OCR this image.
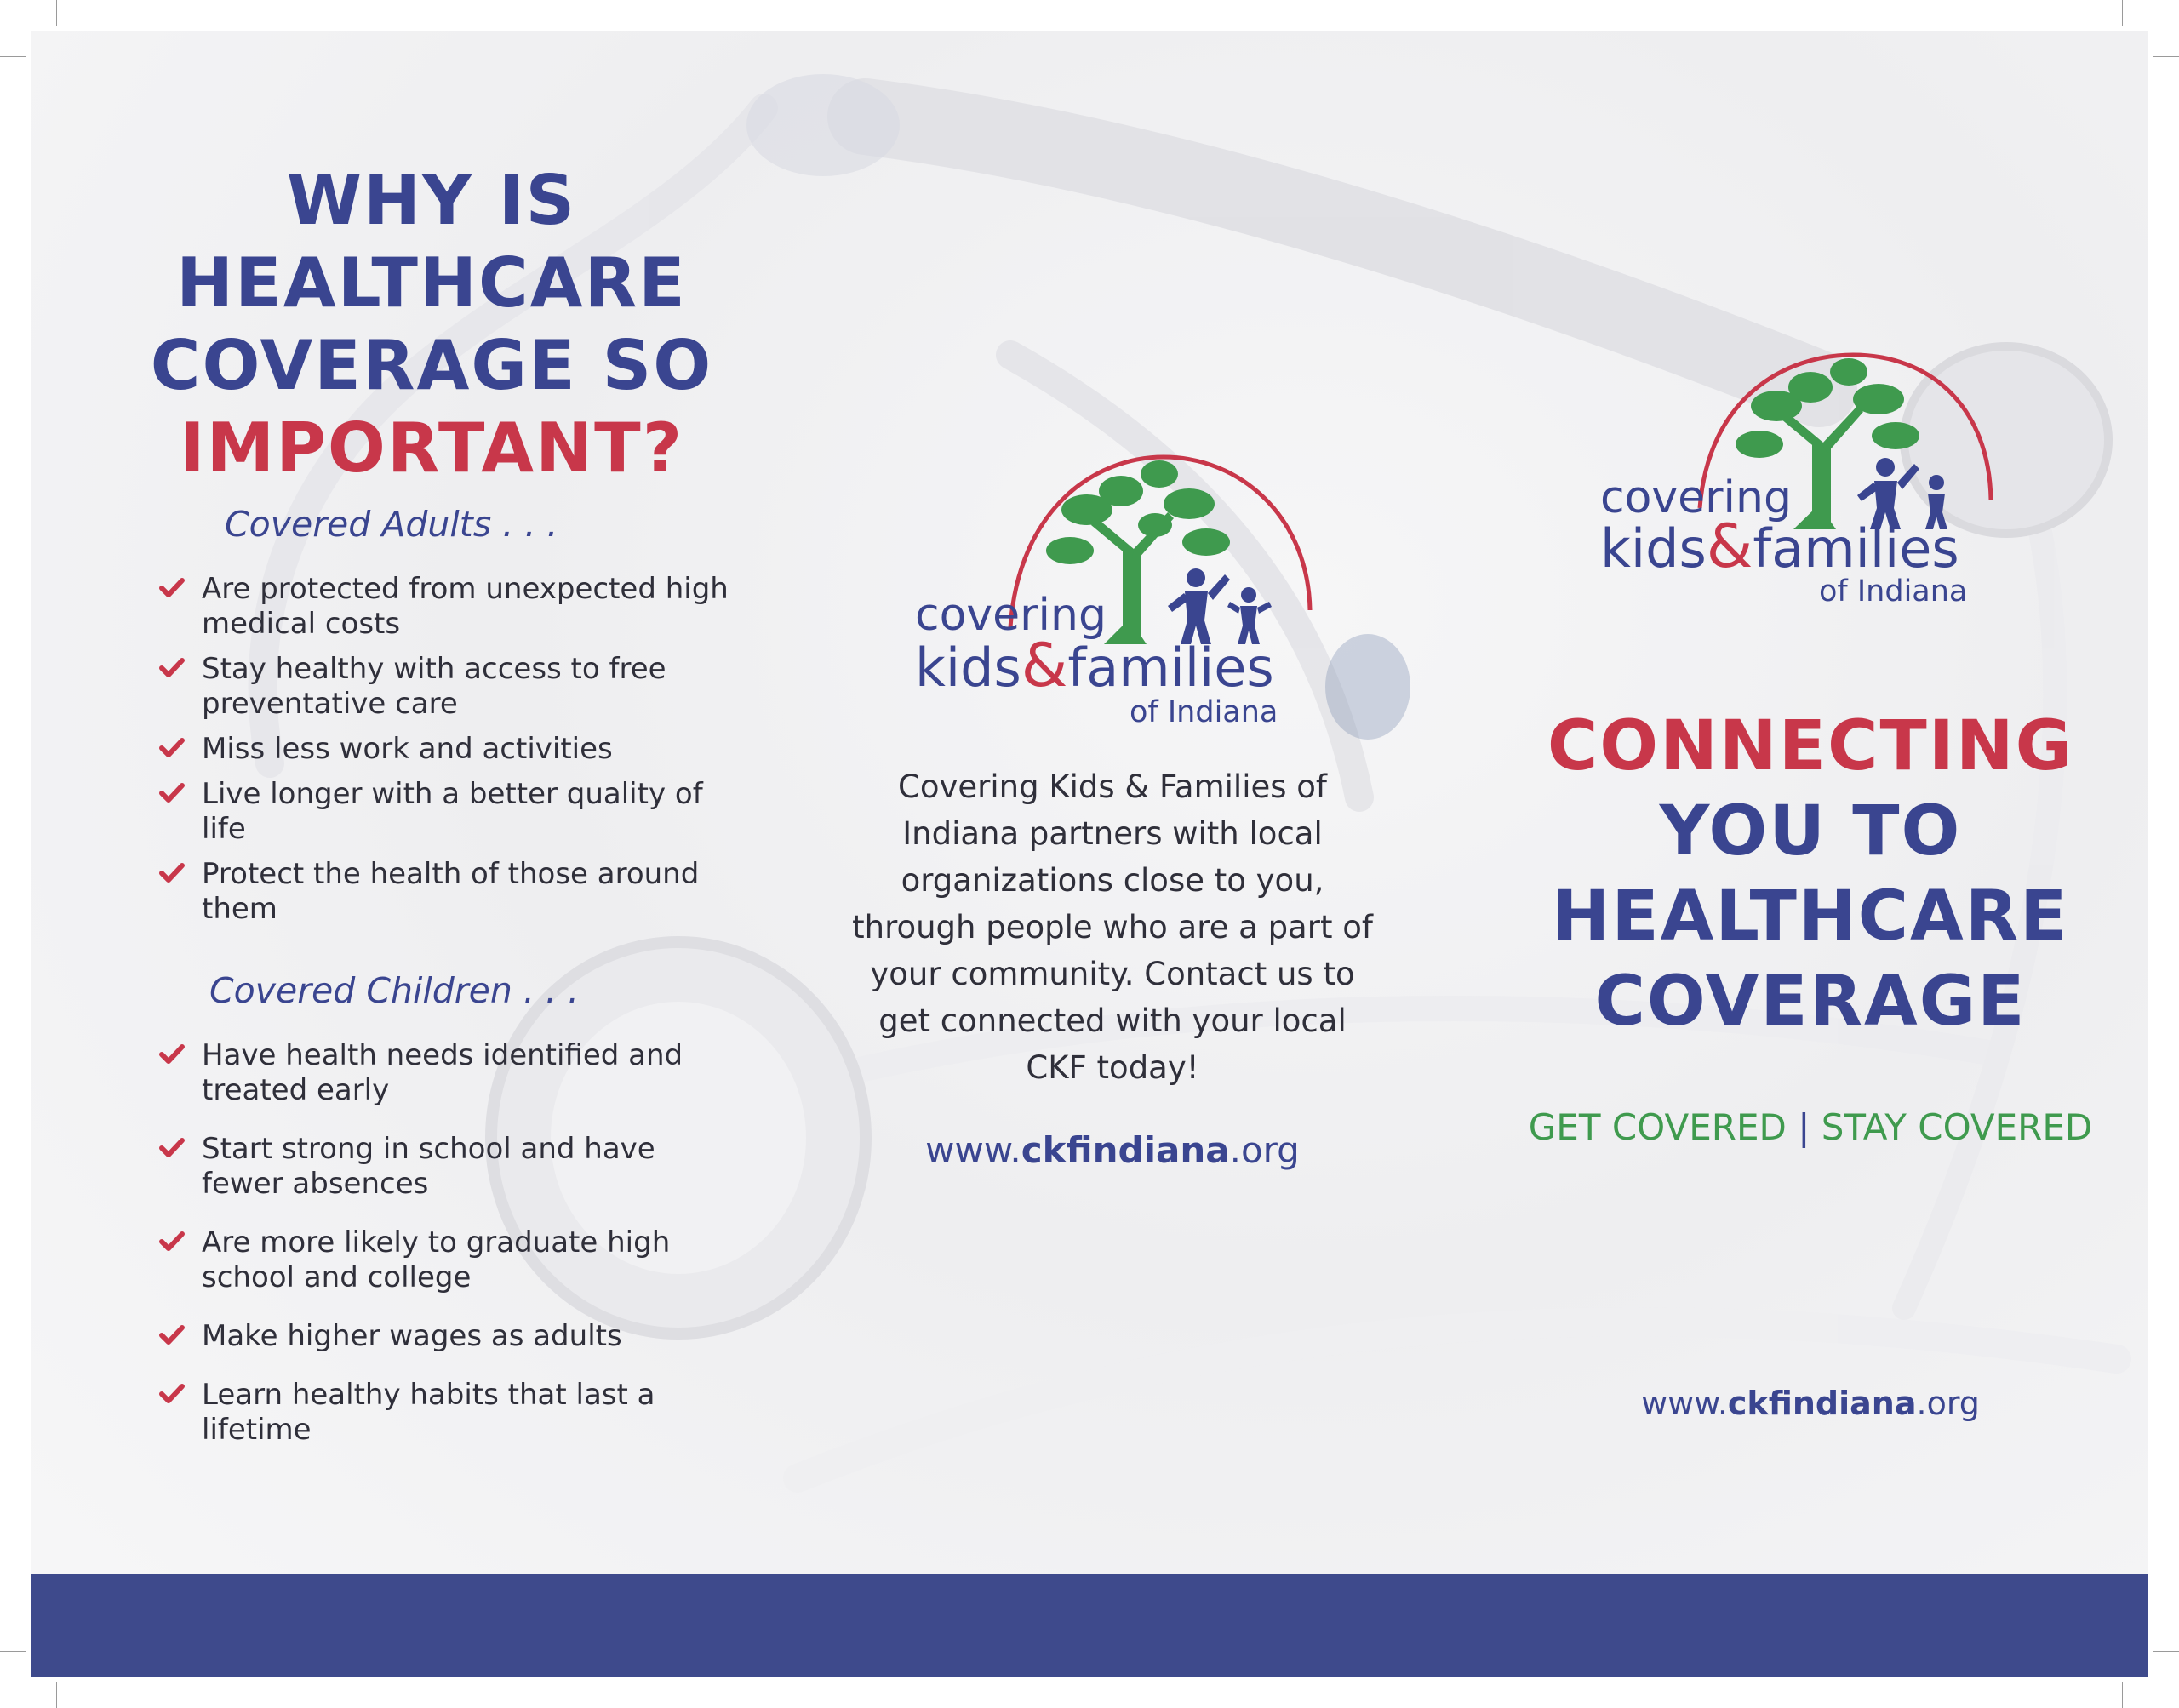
WHY IS
HEALTHCARE
COVERAGE SO
IMPORTANT?
Covered Adults . . .
Are protected from unexpected high medical costs
Stay healthy with access to free preventative care
Miss less work and activities
Live longer with a better quality of life
Protect the health of those around them
Covered Children . . .
Have health needs identified and treated early
Start strong in school and have fewer absences
Are more likely to graduate high school and college
Make higher wages as adults
Learn healthy habits that last a lifetime
covering
kids&families
of Indiana
Covering Kids & Families of Indiana partners with local organizations close to you, through people who are a part of your community. Contact us to get connected with your local CKF today!
www.ckfindiana.org
covering
kids&families
of Indiana
CONNECTING
YOU TO
HEALTHCARE
COVERAGE
GET COVERED | STAY COVERED
www.ckfindiana.org
